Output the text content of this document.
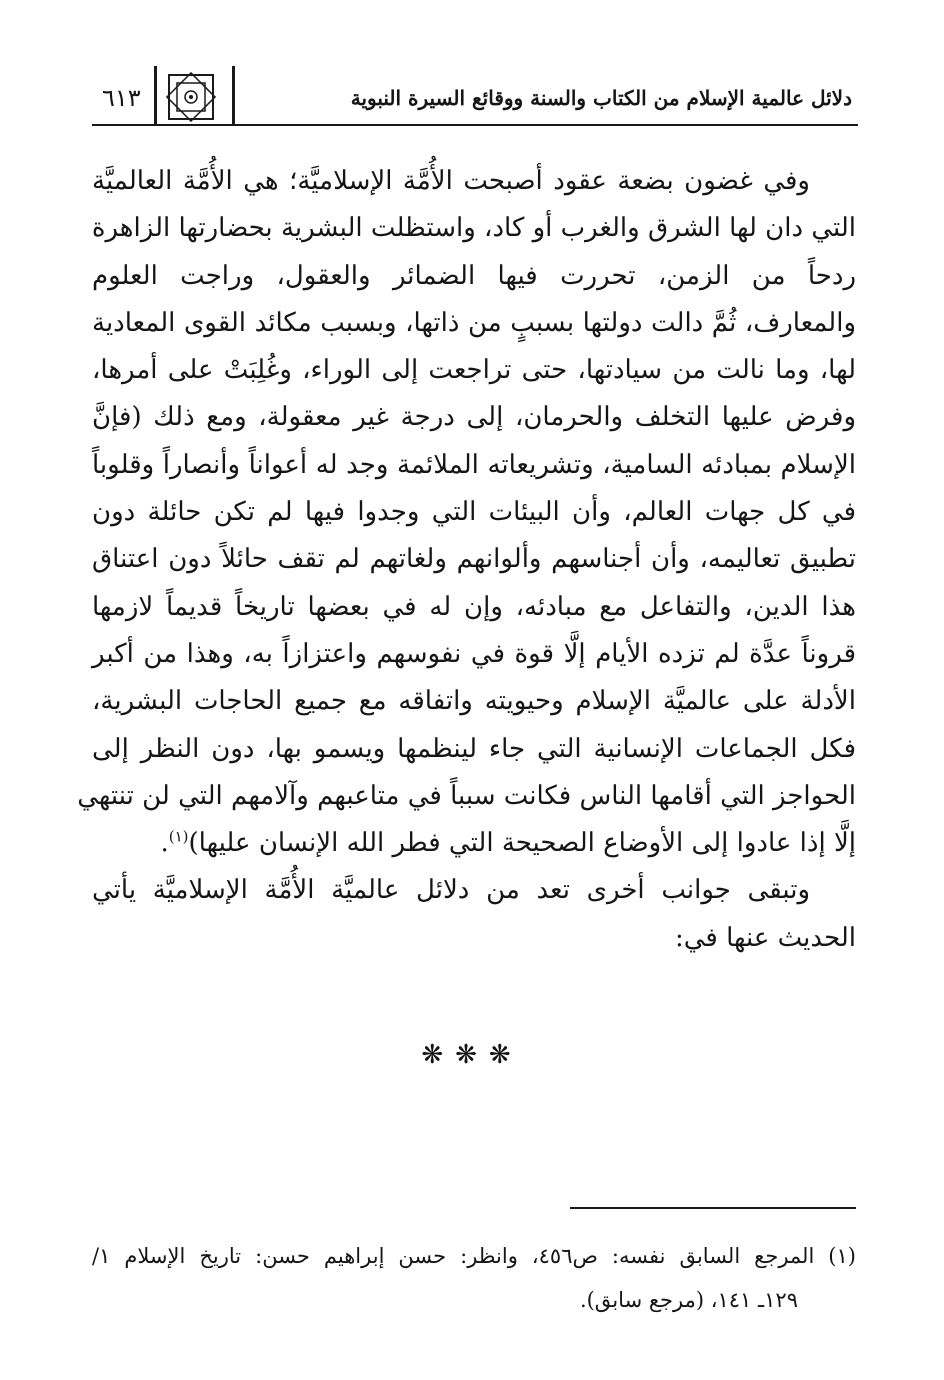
دلائل عالمية الإسلام من الكتاب والسنة ووقائع السيرة النبوية
٦١٣
وفي غضون بضعة عقود أصبحت الأُمَّة الإسلاميَّة؛ هي الأُمَّة العالميَّة
التي دان لها الشرق والغرب أو كاد، واستظلت البشرية بحضارتها الزاهرة
ردحاً من الزمن، تحررت فيها الضمائر والعقول، وراجت العلوم
والمعارف، ثُمَّ دالت دولتها بسببٍ من ذاتها، وبسبب مكائد القوى المعادية
لها، وما نالت من سيادتها، حتى تراجعت إلى الوراء، وغُلِبَتْ على أمرها،
وفرض عليها التخلف والحرمان، إلى درجة غير معقولة، ومع ذلك (فإنَّ
الإسلام بمبادئه السامية، وتشريعاته الملائمة وجد له أعواناً وأنصاراً وقلوباً
في كل جهات العالم، وأن البيئات التي وجدوا فيها لم تكن حائلة دون
تطبيق تعاليمه، وأن أجناسهم وألوانهم ولغاتهم لم تقف حائلاً دون اعتناق
هذا الدين، والتفاعل مع مبادئه، وإن له في بعضها تاريخاً قديماً لازمها
قروناً عدَّة لم تزده الأيام إلَّا قوة في نفوسهم واعتزازاً به، وهذا من أكبر
الأدلة على عالميَّة الإسلام وحيويته واتفاقه مع جميع الحاجات البشرية،
فكل الجماعات الإنسانية التي جاء لينظمها ويسمو بها، دون النظر إلى
الحواجز التي أقامها الناس فكانت سبباً في متاعبهم وآلامهم التي لن تنتهي
إلَّا إذا عادوا إلى الأوضاع الصحيحة التي فطر الله الإنسان عليها)$^{(١)}$.
وتبقى جوانب أخرى تعد من دلائل عالميَّة الأُمَّة الإسلاميَّة يأتي
الحديث عنها في:
❋❋❋
(١) المرجع السابق نفسه: ص٤٥٦، وانظر: حسن إبراهيم حسن: تاريخ الإسلام ١/
١٢٩ـ ١٤١، (مرجع سابق).
